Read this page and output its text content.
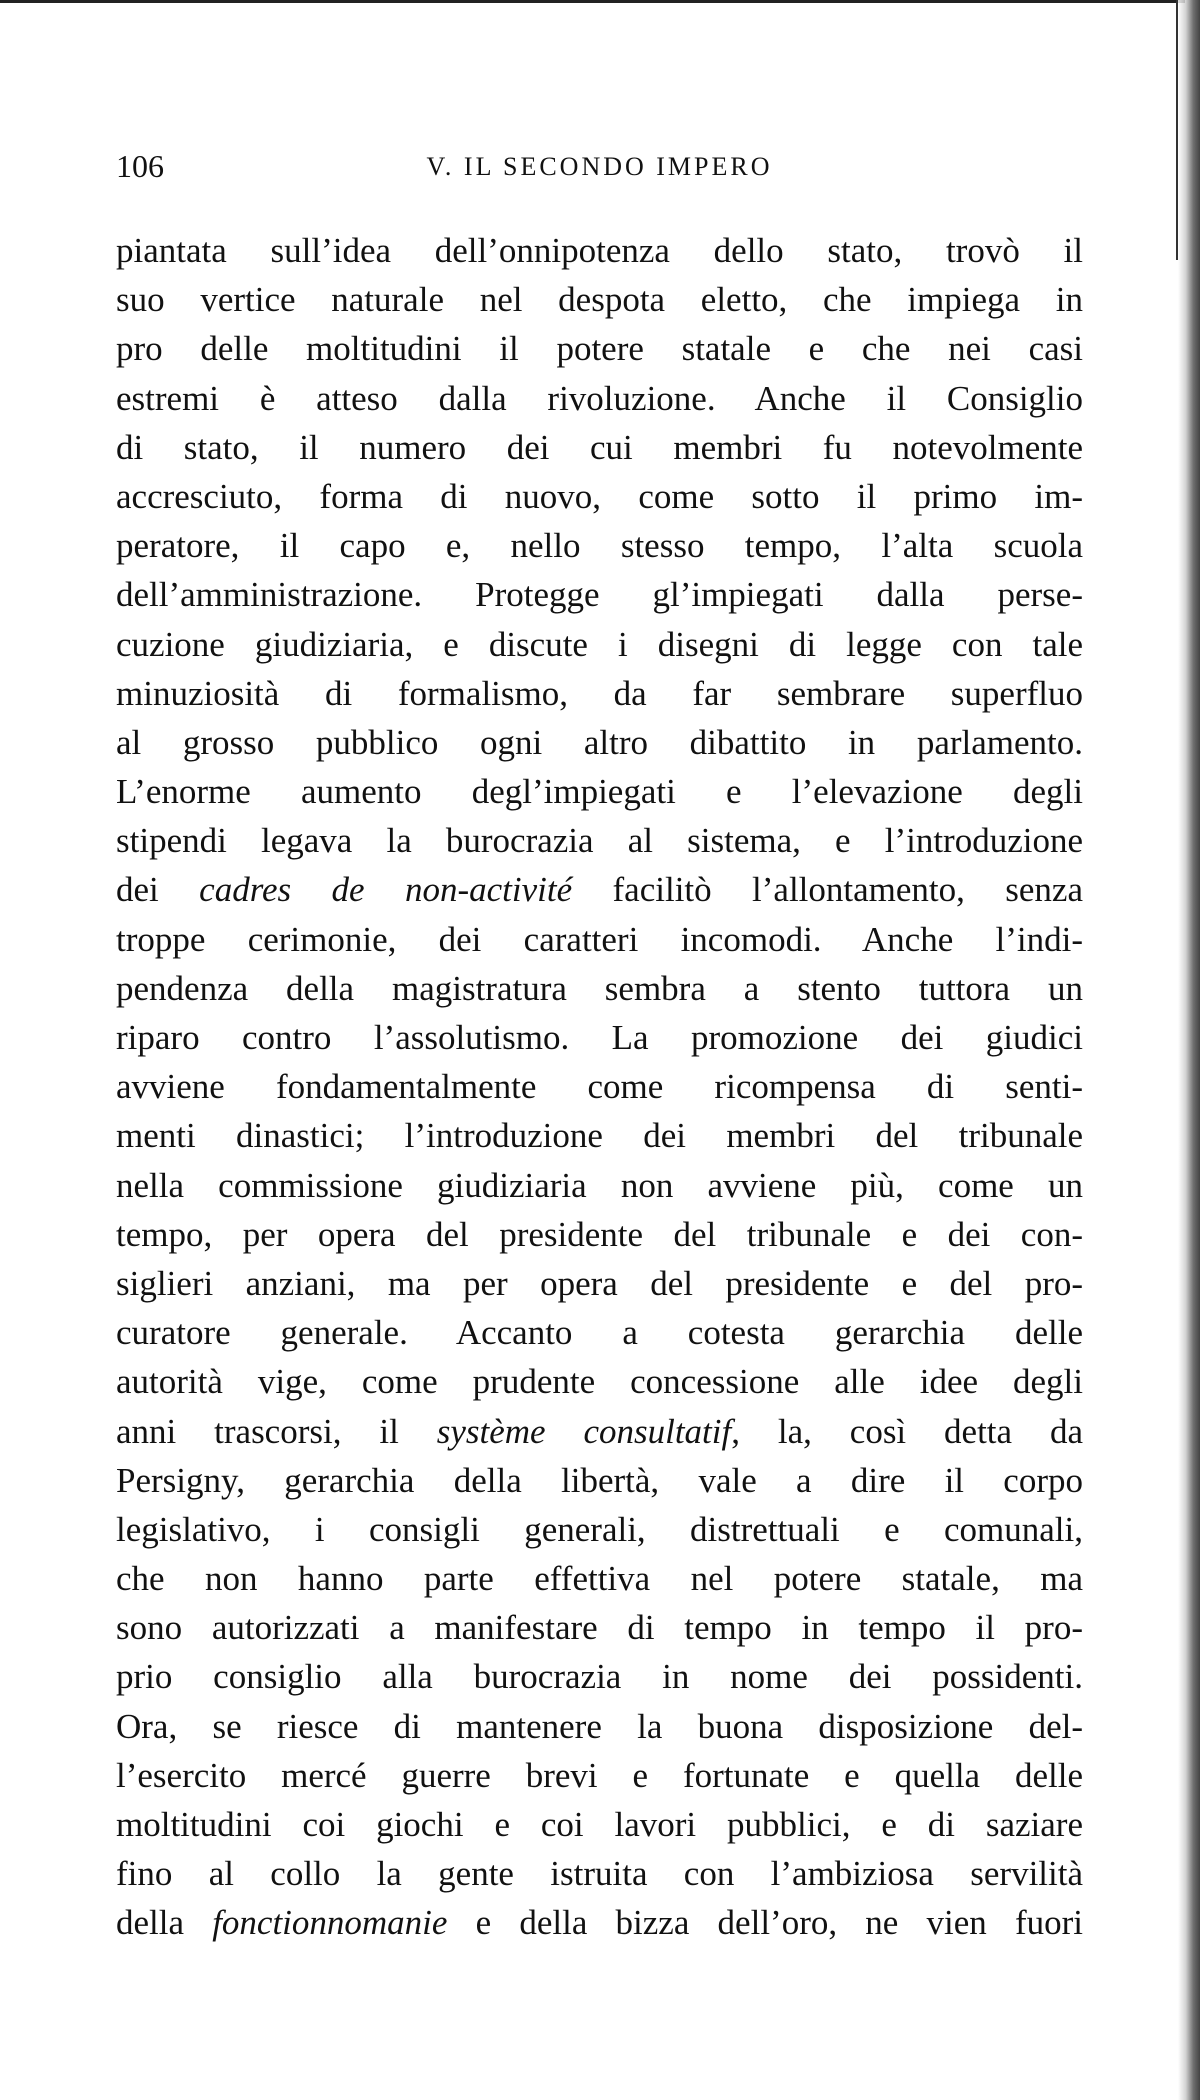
106	V. IL SECONDO IMPERO
piantata sull’idea dell’onnipotenza dello stato, trovò il
suo vertice naturale nel despota eletto, che impiega in
pro delle moltitudini il potere statale e che nei casi
estremi è atteso dalla rivoluzione. Anche il Consiglio
di stato, il numero dei cui membri fu notevolmente
accresciuto, forma di nuovo, come sotto il primo im-
peratore, il capo e, nello stesso tempo, l’alta scuola
dell’amministrazione. Protegge gl’impiegati dalla perse-
cuzione giudiziaria, e discute i disegni di legge con tale
minuziosità di formalismo, da far sembrare superfluo
al grosso pubblico ogni altro dibattito in parlamento.
L’enorme aumento degl’impiegati e l’elevazione degli
stipendi legava la burocrazia al sistema, e l’introduzione
dei cadres de non-activité facilitò l’allontamento, senza
troppe cerimonie, dei caratteri incomodi. Anche l’indi-
pendenza della magistratura sembra a stento tuttora un
riparo contro l’assolutismo. La promozione dei giudici
avviene fondamentalmente come ricompensa di senti-
menti dinastici; l’introduzione dei membri del tribunale
nella commissione giudiziaria non avviene più, come un
tempo, per opera del presidente del tribunale e dei con-
siglieri anziani, ma per opera del presidente e del pro-
curatore generale. Accanto a cotesta gerarchia delle
autorità vige, come prudente concessione alle idee degli
anni trascorsi, il système consultatif, la, così detta da
Persigny, gerarchia della libertà, vale a dire il corpo
legislativo, i consigli generali, distrettuali e comunali,
che non hanno parte effettiva nel potere statale, ma
sono autorizzati a manifestare di tempo in tempo il pro-
prio consiglio alla burocrazia in nome dei possidenti.
Ora, se riesce di mantenere la buona disposizione del-
l’esercito mercé guerre brevi e fortunate e quella delle
moltitudini coi giochi e coi lavori pubblici, e di saziare
fino al collo la gente istruita con l’ambiziosa servilità
della fonctionnomanie e della bizza dell’oro, ne vien fuori
